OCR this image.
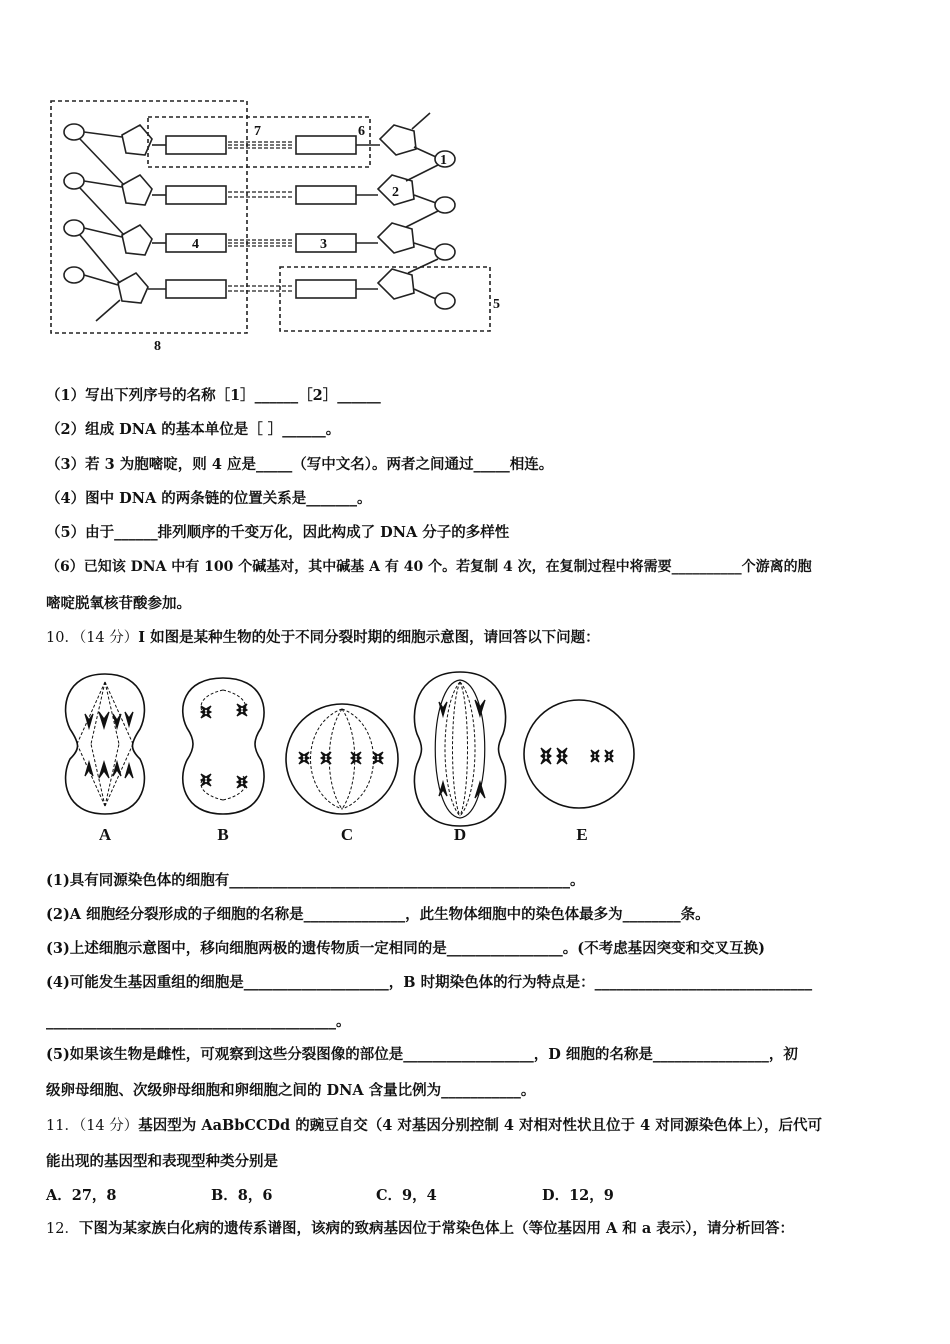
7	6
1
2
4	3
5
8
（1）写出下列序号的名称［1］______［2］______
（2）组成 DNA 的基本单位是［ ］______。
（3）若 3 为胞嘧啶，则 4 应是_____（写中文名）。两者之间通过_____相连。
（4）图中 DNA 的两条链的位置关系是_______。
（5）由于______排列顺序的千变万化，因此构成了 DNA 分子的多样性
（6）已知该 DNA 中有 100 个碱基对，其中碱基 A 有 40 个。若复制 4 次，在复制过程中将需要__________个游离的胞
嘧啶脱氧核苷酸参加。
10．（14 分）I 如图是某种生物的处于不同分裂时期的细胞示意图，请回答以下问题：
A	B	C	D	E
(1)具有同源染色体的细胞有_______________________________________________。
(2)A 细胞经分裂形成的子细胞的名称是______________，此生物体细胞中的染色体最多为________条。
(3)上述细胞示意图中，移向细胞两极的遗传物质一定相同的是________________。(不考虑基因突变和交叉互换)
(4)可能发生基因重组的细胞是____________________，B 时期染色体的行为特点是：______________________________
________________________________________。
(5)如果该生物是雌性，可观察到这些分裂图像的部位是__________________，D 细胞的名称是________________，初
级卵母细胞、次级卵母细胞和卵细胞之间的 DNA 含量比例为___________。
11．（14 分）基因型为 AaBbCCDd 的豌豆自交（4 对基因分别控制 4 对相对性状且位于 4 对同源染色体上），后代可
能出现的基因型和表现型种类分别是
A．27，8	B．8，6	C．9，4	D．12，9
12．下图为某家族白化病的遗传系谱图，该病的致病基因位于常染色体上（等位基因用 A 和 a 表示），请分析回答：
